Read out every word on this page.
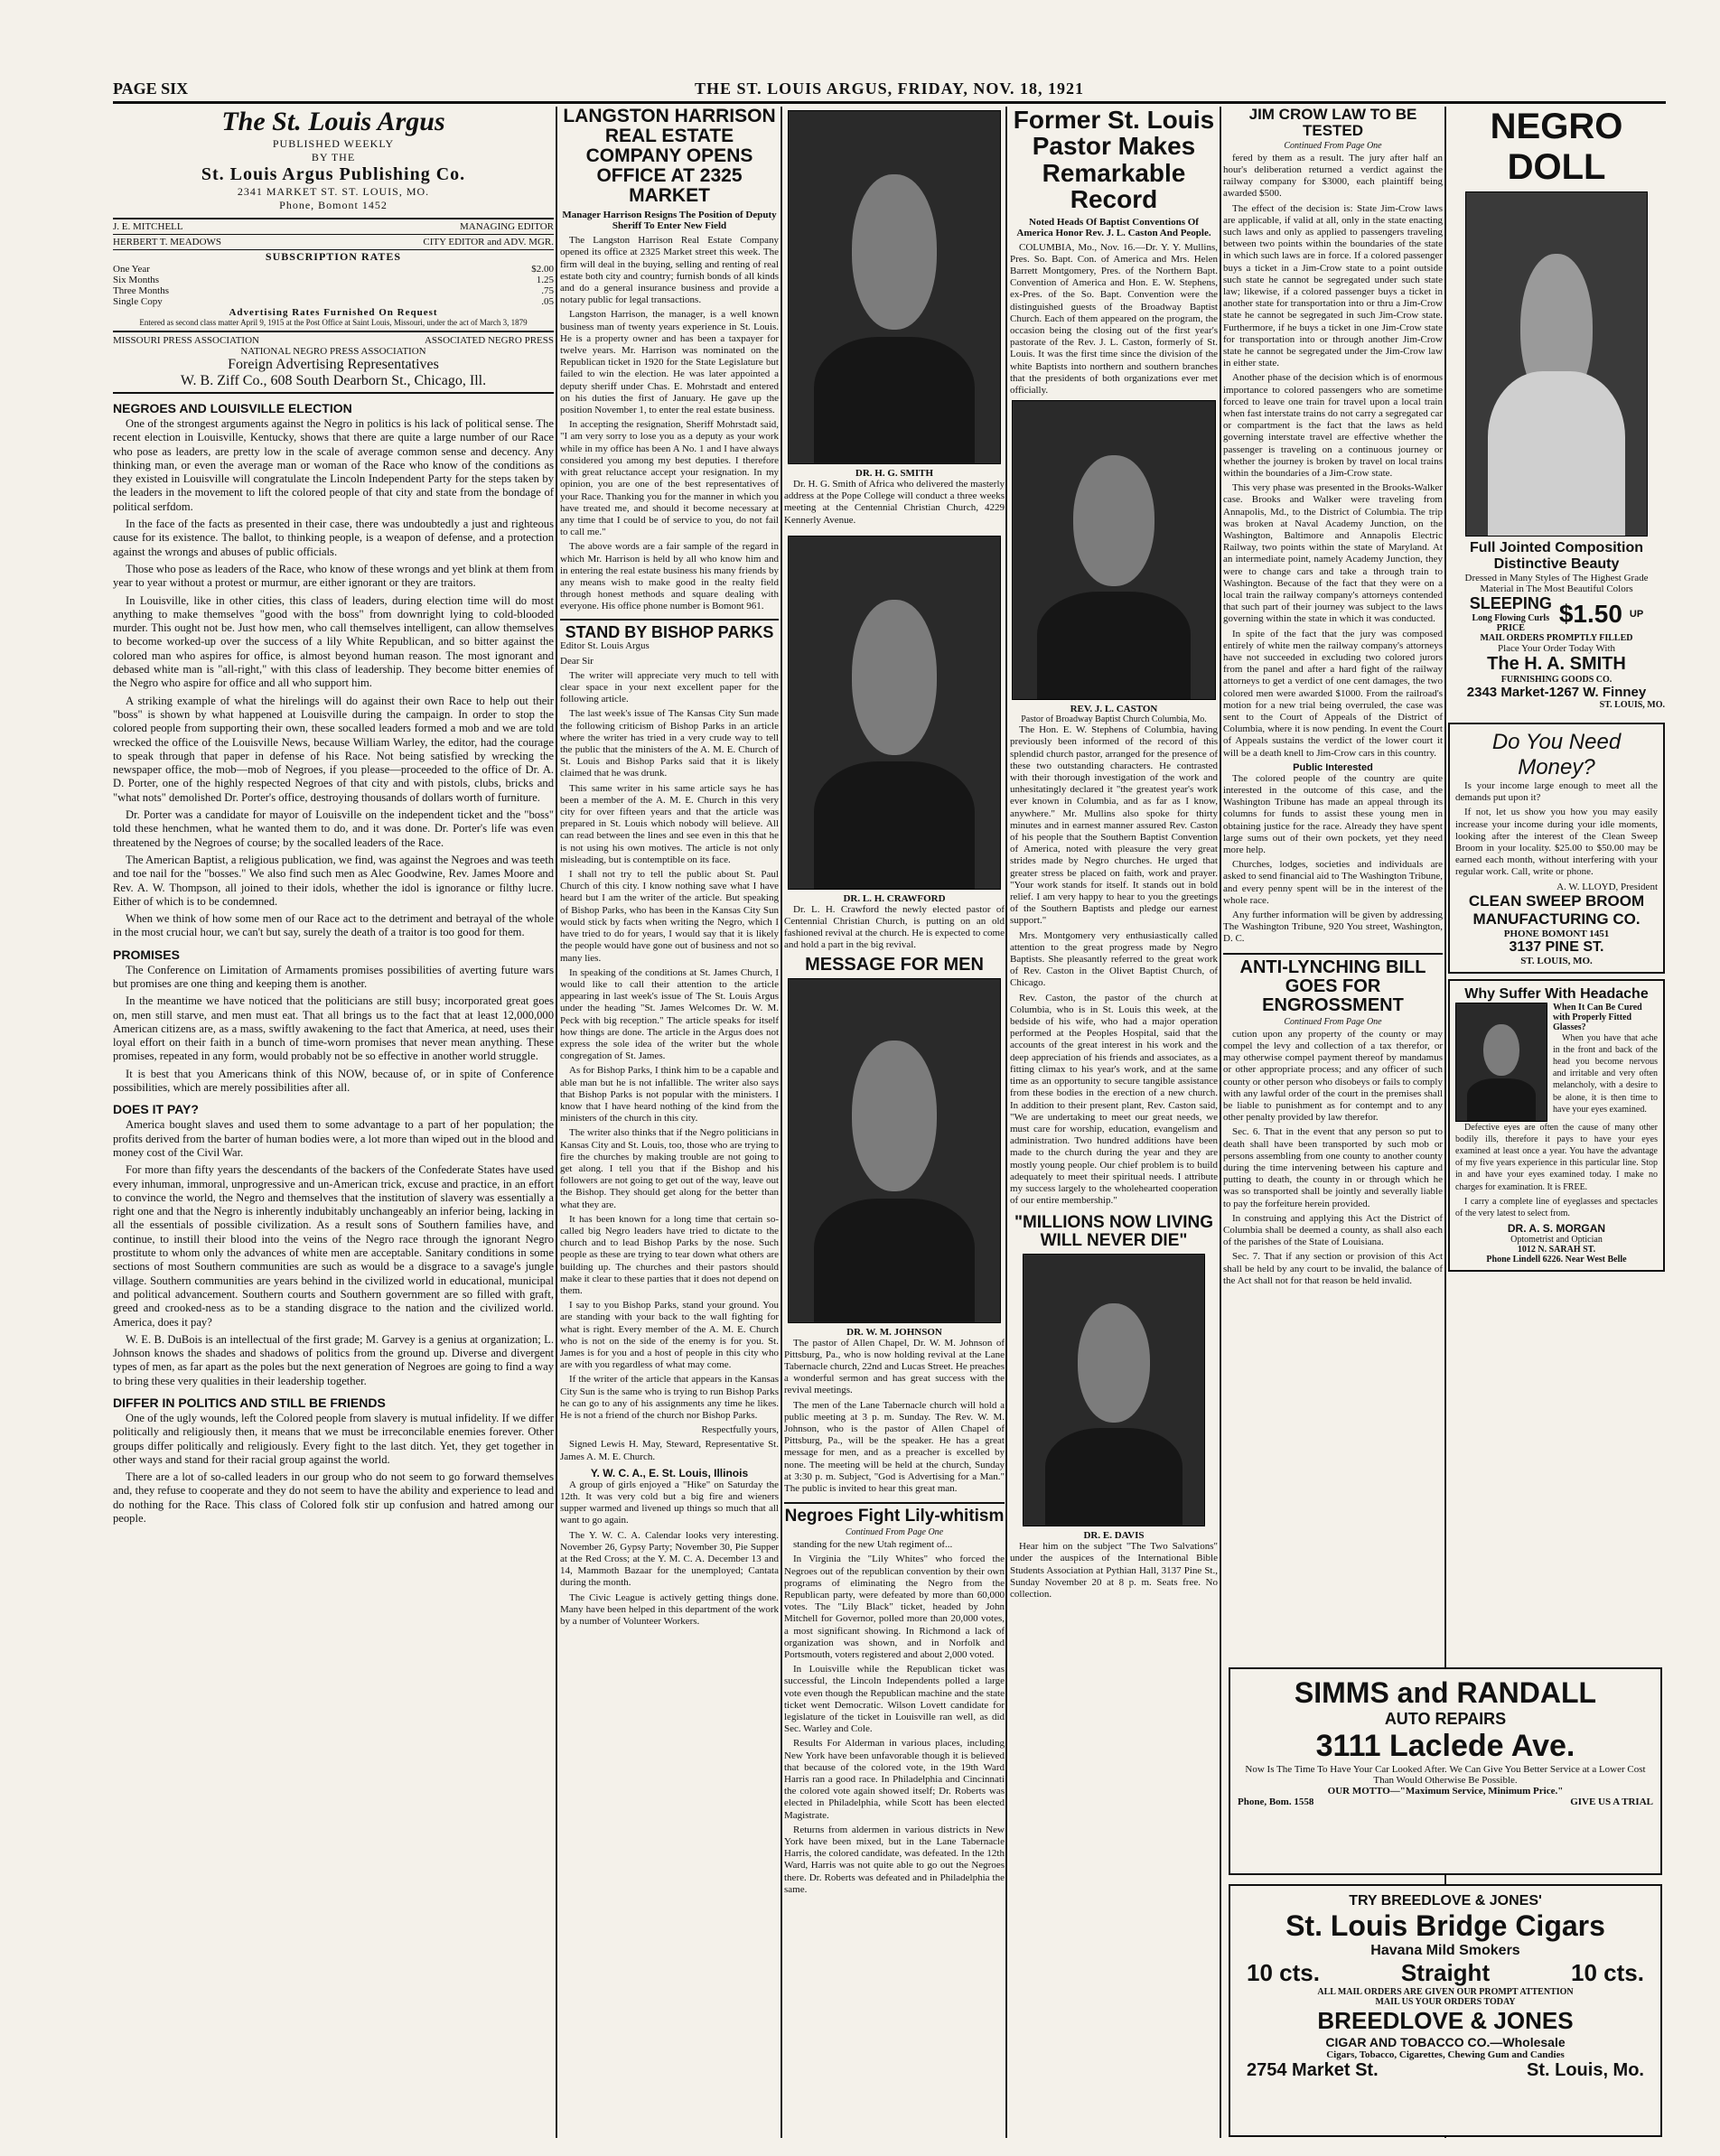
PAGE SIX	THE ST. LOUIS ARGUS, FRIDAY, NOV. 18, 1921
The St. Louis Argus
PUBLISHED WEEKLY
BY THE
St. Louis Argus Publishing Co.
2341 MARKET ST. ST. LOUIS, MO.
Phone, Bomont 1452
J. E. MITCHELL	MANAGING EDITOR
HERBERT T. MEADOWS	CITY EDITOR and ADV. MGR.
SUBSCRIPTION RATES
One Year	$2.00
Six Months	1.25
Three Months	.75
Single Copy	.05
Advertising Rates Furnished On Request
Entered as second class matter April 9, 1915 at the Post Office at Saint Louis, Missouri, under the act of March 3, 1879
MISSOURI PRESS ASSOCIATION	ASSOCIATED NEGRO PRESS
NATIONAL NEGRO PRESS ASSOCIATION
Foreign Advertising Representatives
W. B. Ziff Co., 608 South Dearborn St., Chicago, Ill.
NEGROES AND LOUISVILLE ELECTION

One of the strongest arguments against the Negro in politics is his lack of political sense. The recent election in Louisville, Kentucky, shows that there are quite a large number of our Race who pose as leaders, are pretty low in the scale of average common sense and decency. Any thinking man, or even the average man or woman of the Race who know of the conditions as they existed in Louisville will congratulate the Lincoln Independent Party for the steps taken by the leaders in the movement to lift the colored people of that city and state from the bondage of political serfdom.

In the face of the facts as presented in their case, there was undoubtedly a just and righteous cause for its existence. The ballot, to thinking people, is a weapon of defense, and a protection against the wrongs and abuses of public officials.

Those who pose as leaders of the Race, who know of these wrongs and yet blink at them from year to year without a protest or murmur, are either ignorant or they are traitors.

In Louisville, like in other cities, this class of leaders, during election time will do most anything to make themselves "good with the boss" from downright lying to cold-blooded murder. This ought not be. Just how men, who call themselves intelligent, can allow themselves to become worked-up over the success of a lily White Republican, and so bitter against the colored man who aspires for office, is almost beyond human reason. The most ignorant and debased white man is "all-right," with this class of leadership. They become bitter enemies of the Negro who aspire for office and all who support him.

A striking example of what the hirelings will do against their own Race to help out their "boss" is shown by what happened at Louisville during the campaign. In order to stop the colored people from supporting their own, these socalled leaders formed a mob and we are told wrecked the office of the Louisville News, because William Warley, the editor, had the courage to speak through that paper in defense of his Race. Not being satisfied by wrecking the newspaper office, the mob—mob of Negroes, if you please—proceeded to the office of Dr. A. D. Porter, one of the highly respected Negroes of that city and with pistols, clubs, bricks and "what nots" demolished Dr. Porter's office, destroying thousands of dollars worth of furniture.

Dr. Porter was a candidate for mayor of Louisville on the independent ticket and the "boss" told these henchmen, what he wanted them to do, and it was done. Dr. Porter's life was even threatened by the Negroes of course; by the socalled leaders of the Race.

The American Baptist, a religious publication, we find, was against the Negroes and was teeth and toe nail for the "bosses." We also find such men as Alec Goodwine, Rev. James Moore and Rev. A. W. Thompson, all joined to their idols, whether the idol is ignorance or filthy lucre. Either of which is to be condemned.

When we think of how some men of our Race act to the detriment and betrayal of the whole in the most crucial hour, we can't but say, surely the death of a traitor is too good for them.

PROMISES

The Conference on Limitation of Armaments promises possibilities of averting future wars but promises are one thing and keeping them is another.

In the meantime we have noticed that the politicians are still busy; incorporated great goes on, men still starve, and men must eat. That all brings us to the fact that at least 12,000,000 American citizens are, as a mass, swiftly awakening to the fact that America, at need, uses their loyal effort on their faith in a bunch of time-worn promises that never mean anything. These promises, repeated in any form, would probably not be so effective in another world struggle.

It is best that you Americans think of this NOW, because of, or in spite of Conference possibilities, which are merely possibilities after all.

DOES IT PAY?

America bought slaves and used them to some advantage to a part of her population; the profits derived from the barter of human bodies were, a lot more than wiped out in the blood and money cost of the Civil War.

For more than fifty years the descendants of the backers of the Confederate States have used every inhuman, immoral, unprogressive and un-American trick, excuse and practice, in an effort to convince the world, the Negro and themselves that the institution of slavery was essentially a right one and that the Negro is inherently indubitably unchangeably an inferior being, lacking in all the essentials of possible civilization. As a result sons of Southern families have, and continue, to instill their blood into the veins of the Negro race through the ignorant Negro prostitute to whom only the advances of white men are acceptable. Sanitary conditions in some sections of most Southern communities are such as would be a disgrace to a savage's jungle village. Southern communities are years behind in the civilized world in educational, municipal and political advancement. Southern courts and Southern government are so filled with graft, greed and crooked-ness as to be a standing disgrace to the nation and the civilized world. America, does it pay?

W. E. B. DuBois is an intellectual of the first grade; M. Garvey is a genius at organization; L. Johnson knows the shades and shadows of politics from the ground up. Diverse and divergent types of men, as far apart as the poles but the next generation of Negroes are going to find a way to bring these very qualities in their leadership together.

DIFFER IN POLITICS AND STILL BE FRIENDS

One of the ugly wounds, left the Colored people from slavery is mutual infidelity. If we differ politically and religiously then, it means that we must be irreconcilable enemies forever. Other groups differ politically and religiously. Every fight to the last ditch. Yet, they get together in other ways and stand for their racial group against the world.

There are a lot of so-called leaders in our group who do not seem to go forward themselves and, they refuse to cooperate and they do not seem to have the ability and experience to lead and do nothing for the Race. This class of Colored folk stir up confusion and hatred among our people.

LANGSTON HARRISON REAL ESTATE COMPANY OPENS OFFICE AT 2325 MARKET
Manager Harrison Resigns The Position of Deputy Sheriff To Enter New Field

The Langston Harrison Real Estate Company opened its office at 2325 Market street this week. The firm will deal in the buying, selling and renting of real estate both city and country; furnish bonds of all kinds and do a general insurance business and provide a notary public for legal transactions.

Langston Harrison, the manager, is a well known business man of twenty years experience in St. Louis. He is a property owner and has been a taxpayer for twelve years. Mr. Harrison was nominated on the Republican ticket in 1920 for the State Legislature but failed to win the election. He was later appointed a deputy sheriff under Chas. E. Mohrstadt and entered on his duties the first of January. He gave up the position November 1, to enter the real estate business.

In accepting the resignation, Sheriff Mohrstadt said, "I am very sorry to lose you as a deputy as your work while in my office has been A No. 1 and I have always considered you among my best deputies. I therefore with great reluctance accept your resignation. In my opinion, you are one of the best representatives of your Race. Thanking you for the manner in which you have treated me, and should it become necessary at any time that I could be of service to you, do not fail to call me."

The above words are a fair sample of the regard in which Mr. Harrison is held by all who know him and in entering the real estate business his many friends by any means wish to make good in the realty field through honest methods and square dealing with everyone. His office phone number is Bomont 961.

STAND BY BISHOP PARKS

Editor St. Louis Argus

Dear Sir

The writer will appreciate very much to tell with clear space in your next excellent paper for the following article.

The last week's issue of The Kansas City Sun made the following criticism of Bishop Parks in an article where the writer has tried in a very crude way to tell the public that the ministers of the A. M. E. Church of St. Louis and Bishop Parks said that it is likely claimed that he was drunk.

This same writer in his same article says he has been a member of the A. M. E. Church in this very city for over fifteen years and that the article was prepared in St. Louis which nobody will believe. All can read between the lines and see even in this that he is not using his own motives. The article is not only misleading, but is contemptible on its face.

I shall not try to tell the public about St. Paul Church of this city. I know nothing save what I have heard but I am the writer of the article. But speaking of Bishop Parks, who has been in the Kansas City Sun would stick by facts when writing the Negro, which I have tried to do for years, I would say that it is likely the people would have gone out of business and not so many lies.

In speaking of the conditions at St. James Church, I would like to call their attention to the article appearing in last week's issue of The St. Louis Argus under the heading "St. James Welcomes Dr. W. M. Peck with big reception." The article speaks for itself how things are done. The article in the Argus does not express the sole idea of the writer but the whole congregation of St. James.

As for Bishop Parks, I think him to be a capable and able man but he is not infallible. The writer also says that Bishop Parks is not popular with the ministers. I know that I have heard nothing of the kind from the ministers of the church in this city.

The writer also thinks that if the Negro politicians in Kansas City and St. Louis, too, those who are trying to fire the churches by making trouble are not going to get along. I tell you that if the Bishop and his followers are not going to get out of the way, leave out the Bishop. They should get along for the better than what they are.

It has been known for a long time that certain so-called big Negro leaders have tried to dictate to the church and to lead Bishop Parks by the nose. Such people as these are trying to tear down what others are building up. The churches and their pastors should make it clear to these parties that it does not depend on them.

I say to you Bishop Parks, stand your ground. You are standing with your back to the wall fighting for what is right. Every member of the A. M. E. Church who is not on the side of the enemy is for you. St. James is for you and a host of people in this city who are with you regardless of what may come.

If the writer of the article that appears in the Kansas City Sun is the same who is trying to run Bishop Parks he can go to any of his assignments any time he likes. He is not a friend of the church nor Bishop Parks.

Respectfully yours,

Signed Lewis H. May, Steward, Representative St. James A. M. E. Church.

Y. W. C. A., E. St. Louis, Illinois

A group of girls enjoyed a "Hike" on Saturday the 12th. It was very cold but a big fire and wieners supper warmed and livened up things so much that all want to go again.

The Y. W. C. A. Calendar looks very interesting. November 26, Gypsy Party; November 30, Pie Supper at the Red Cross; at the Y. M. C. A. December 13 and 14, Mammoth Bazaar for the unemployed; Cantata during the month.

The Civic League is actively getting things done. Many have been helped in this department of the work by a number of Volunteer Workers.

DR. H. G. SMITH

Dr. H. G. Smith of Africa who delivered the masterly address at the Pope College will conduct a three weeks meeting at the Centennial Christian Church, 4229 Kennerly Avenue.

DR. L. H. CRAWFORD

Dr. L. H. Crawford the newly elected pastor of Centennial Christian Church, is putting on an old fashioned revival at the church. He is expected to come and hold a part in the big revival.

MESSAGE FOR MEN
DR. W. M. JOHNSON

The pastor of Allen Chapel, Dr. W. M. Johnson of Pittsburg, Pa., who is now holding revival at the Lane Tabernacle church, 22nd and Lucas Street. He preaches a wonderful sermon and has great success with the revival meetings.

The men of the Lane Tabernacle church will hold a public meeting at 3 p. m. Sunday. The Rev. W. M. Johnson, who is the pastor of Allen Chapel of Pittsburg, Pa., will be the speaker. He has a great message for men, and as a preacher is excelled by none. The meeting will be held at the church, Sunday at 3:30 p. m. Subject, "God is Advertising for a Man." The public is invited to hear this great man.

Negroes Fight Lily-whitism
Continued From Page One

standing for the new Utah regiment of...

In Virginia the "Lily Whites" who forced the Negroes out of the republican convention by their own programs of eliminating the Negro from the Republican party, were defeated by more than 60,000 votes. The "Lily Black" ticket, headed by John Mitchell for Governor, polled more than 20,000 votes, a most significant showing. In Richmond a lack of organization was shown, and in Norfolk and Portsmouth, voters registered and about 2,000 voted.

In Louisville while the Republican ticket was successful, the Lincoln Independents polled a large vote even though the Republican machine and the state ticket went Democratic. Wilson Lovett candidate for legislature of the ticket in Louisville ran well, as did Sec. Warley and Cole.

Results For Alderman in various places, including New York have been unfavorable though it is believed that because of the colored vote, in the 19th Ward Harris ran a good race. In Philadelphia and Cincinnati the colored vote again showed itself; Dr. Roberts was elected in Philadelphia, while Scott has been elected Magistrate.

Returns from aldermen in various districts in New York have been mixed, but in the Lane Tabernacle Harris, the colored candidate, was defeated. In the 12th Ward, Harris was not quite able to go out the Negroes there. Dr. Roberts was defeated and in Philadelphia the same.

Former St. Louis Pastor Makes Remarkable Record
Noted Heads Of Baptist Conventions Of America Honor Rev. J. L. Caston And People.

COLUMBIA, Mo., Nov. 16.—Dr. Y. Y. Mullins, Pres. So. Bapt. Con. of America and Mrs. Helen Barrett Montgomery, Pres. of the Northern Bapt. Convention of America and Hon. E. W. Stephens, ex-Pres. of the So. Bapt. Convention were the distinguished guests of the Broadway Baptist Church. Each of them appeared on the program, the occasion being the closing out of the first year's pastorate of the Rev. J. L. Caston, formerly of St. Louis. It was the first time since the division of the white Baptists into northern and southern branches that the presidents of both organizations ever met officially.

REV. J. L. CASTON
Pastor of Broadway Baptist Church Columbia, Mo.

The Hon. E. W. Stephens of Columbia, having previously been informed of the record of this splendid church pastor, arranged for the presence of these two outstanding characters. He contrasted with their thorough investigation of the work and unhesitatingly declared it "the greatest year's work ever known in Columbia, and as far as I know, anywhere." Mr. Mullins also spoke for thirty minutes and in earnest manner assured Rev. Caston of his people that the Southern Baptist Convention of America, noted with pleasure the very great strides made by Negro churches. He urged that greater stress be placed on faith, work and prayer. "Your work stands for itself. It stands out in bold relief. I am very happy to hear to you the greetings of the Southern Baptists and pledge our earnest support."

Mrs. Montgomery very enthusiastically called attention to the great progress made by Negro Baptists. She pleasantly referred to the great work of Rev. Caston in the Olivet Baptist Church, of Chicago.

Rev. Caston, the pastor of the church at Columbia, who is in St. Louis this week, at the bedside of his wife, who had a major operation performed at the Peoples Hospital, said that the accounts of the great interest in his work and the deep appreciation of his friends and associates, as a fitting climax to his year's work, and at the same time as an opportunity to secure tangible assistance from these bodies in the erection of a new church. In addition to their present plant, Rev. Caston said, "We are undertaking to meet our great needs, we must care for worship, education, evangelism and administration. Two hundred additions have been made to the church during the year and they are mostly young people. Our chief problem is to build adequately to meet their spiritual needs. I attribute my success largely to the wholehearted cooperation of our entire membership."

"MILLIONS NOW LIVING WILL NEVER DIE"
DR. E. DAVIS

Hear him on the subject "The Two Salvations" under the auspices of the International Bible Students Association at Pythian Hall, 3137 Pine St., Sunday November 20 at 8 p. m. Seats free. No collection.

JIM CROW LAW TO BE TESTED
Continued From Page One

fered by them as a result. The jury after half an hour's deliberation returned a verdict against the railway company for $3000, each plaintiff being awarded $500.

The effect of the decision is: State Jim-Crow laws are applicable, if valid at all, only in the state enacting such laws and only as applied to passengers traveling between two points within the boundaries of the state in which such laws are in force. If a colored passenger buys a ticket in a Jim-Crow state to a point outside such state he cannot be segregated under such state law; likewise, if a colored passenger buys a ticket in another state for transportation into or thru a Jim-Crow state he cannot be segregated in such Jim-Crow state. Furthermore, if he buys a ticket in one Jim-Crow state for transportation into or through another Jim-Crow state he cannot be segregated under the Jim-Crow law in either state.

Another phase of the decision which is of enormous importance to colored passengers who are sometime forced to leave one train for travel upon a local train when fast interstate trains do not carry a segregated car or compartment is the fact that the laws as held governing interstate travel are effective whether the passenger is traveling on a continuous journey or whether the journey is broken by travel on local trains within the boundaries of a Jim-Crow state.

This very phase was presented in the Brooks-Walker case. Brooks and Walker were traveling from Annapolis, Md., to the District of Columbia. The trip was broken at Naval Academy Junction, on the Washington, Baltimore and Annapolis Electric Railway, two points within the state of Maryland. At an intermediate point, namely Academy Junction, they were to change cars and take a through train to Washington. Because of the fact that they were on a local train the railway company's attorneys contended that such part of their journey was subject to the laws governing within the state in which it was conducted.

In spite of the fact that the jury was composed entirely of white men the railway company's attorneys have not succeeded in excluding two colored jurors from the panel and after a hard fight of the railway attorneys to get a verdict of one cent damages, the two colored men were awarded $1000. From the railroad's motion for a new trial being overruled, the case was sent to the Court of Appeals of the District of Columbia, where it is now pending. In event the Court of Appeals sustains the verdict of the lower court it will be a death knell to Jim-Crow cars in this country.

Public Interested

The colored people of the country are quite interested in the outcome of this case, and the Washington Tribune has made an appeal through its columns for funds to assist these young men in obtaining justice for the race. Already they have spent large sums out of their own pockets, yet they need more help.

Churches, lodges, societies and individuals are asked to send financial aid to The Washington Tribune, and every penny spent will be in the interest of the whole race.

Any further information will be given by addressing The Washington Tribune, 920 You street, Washington, D. C.

ANTI-LYNCHING BILL GOES FOR ENGROSSMENT
Continued From Page One

cution upon any property of the county or may compel the levy and collection of a tax therefor, or may otherwise compel payment thereof by mandamus or other appropriate process; and any officer of such county or other person who disobeys or fails to comply with any lawful order of the court in the premises shall be liable to punishment as for contempt and to any other penalty provided by law therefor.

Sec. 6. That in the event that any person so put to death shall have been transported by such mob or persons assembling from one county to another county during the time intervening between his capture and putting to death, the county in or through which he was so transported shall be jointly and severally liable to pay the forfeiture herein provided.

In construing and applying this Act the District of Columbia shall be deemed a county, as shall also each of the parishes of the State of Louisiana.

Sec. 7. That if any section or provision of this Act shall be held by any court to be invalid, the balance of the Act shall not for that reason be held invalid.

SIMMS and RANDALL
AUTO REPAIRS
3111 Laclede Ave.
Now Is The Time To Have Your Car Looked After. We Can Give You Better Service at a Lower Cost Than Would Otherwise Be Possible.
OUR MOTTO—"Maximum Service, Minimum Price."
Phone, Bom. 1558	GIVE US A TRIAL
TRY BREEDLOVE & JONES'
St. Louis Bridge Cigars
Havana Mild Smokers
10 cts.	Straight	10 cts.
ALL MAIL ORDERS ARE GIVEN OUR PROMPT ATTENTION
MAIL US YOUR ORDERS TODAY
BREEDLOVE & JONES
CIGAR AND TOBACCO CO.—Wholesale
Cigars, Tobacco, Cigarettes, Chewing Gum and Candies
2754 Market St.	St. Louis, Mo.
NEGRO DOLL
Full Jointed Composition
Distinctive Beauty
Dressed in Many Styles of The Highest Grade Material in The Most Beautiful Colors
SLEEPING
Long Flowing Curls
PRICE
$1.50 UP
MAIL ORDERS PROMPTLY FILLED
Place Your Order Today With
The H. A. SMITH
FURNISHING GOODS CO.
2343 Market-1267 W. Finney
ST. LOUIS, MO.
Do You Need Money?

Is your income large enough to meet all the demands put upon it?

If not, let us show you how you may easily increase your income during your idle moments, looking after the interest of the Clean Sweep Broom in your locality. $25.00 to $50.00 may be earned each month, without interfering with your regular work. Call, write or phone.

A. W. LLOYD, President
CLEAN SWEEP BROOM MANUFACTURING CO.
PHONE BOMONT 1451
3137 PINE ST.
ST. LOUIS, MO.
Why Suffer With Headache
When It Can Be Cured with Properly Fitted Glasses?

When you have that ache in the front and back of the head you become nervous and irritable and very often melancholy, with a desire to be alone, it is then time to have your eyes examined.

Defective eyes are often the cause of many other bodily ills, therefore it pays to have your eyes examined at least once a year. You have the advantage of my five years experience in this particular line. Stop in and have your eyes examined today. I make no charges for examination. It is FREE.

I carry a complete line of eyeglasses and spectacles of the very latest to select from.

DR. A. S. MORGAN
Optometrist and Optician
1012 N. SARAH ST.
Phone Lindell 6226. Near West Belle
